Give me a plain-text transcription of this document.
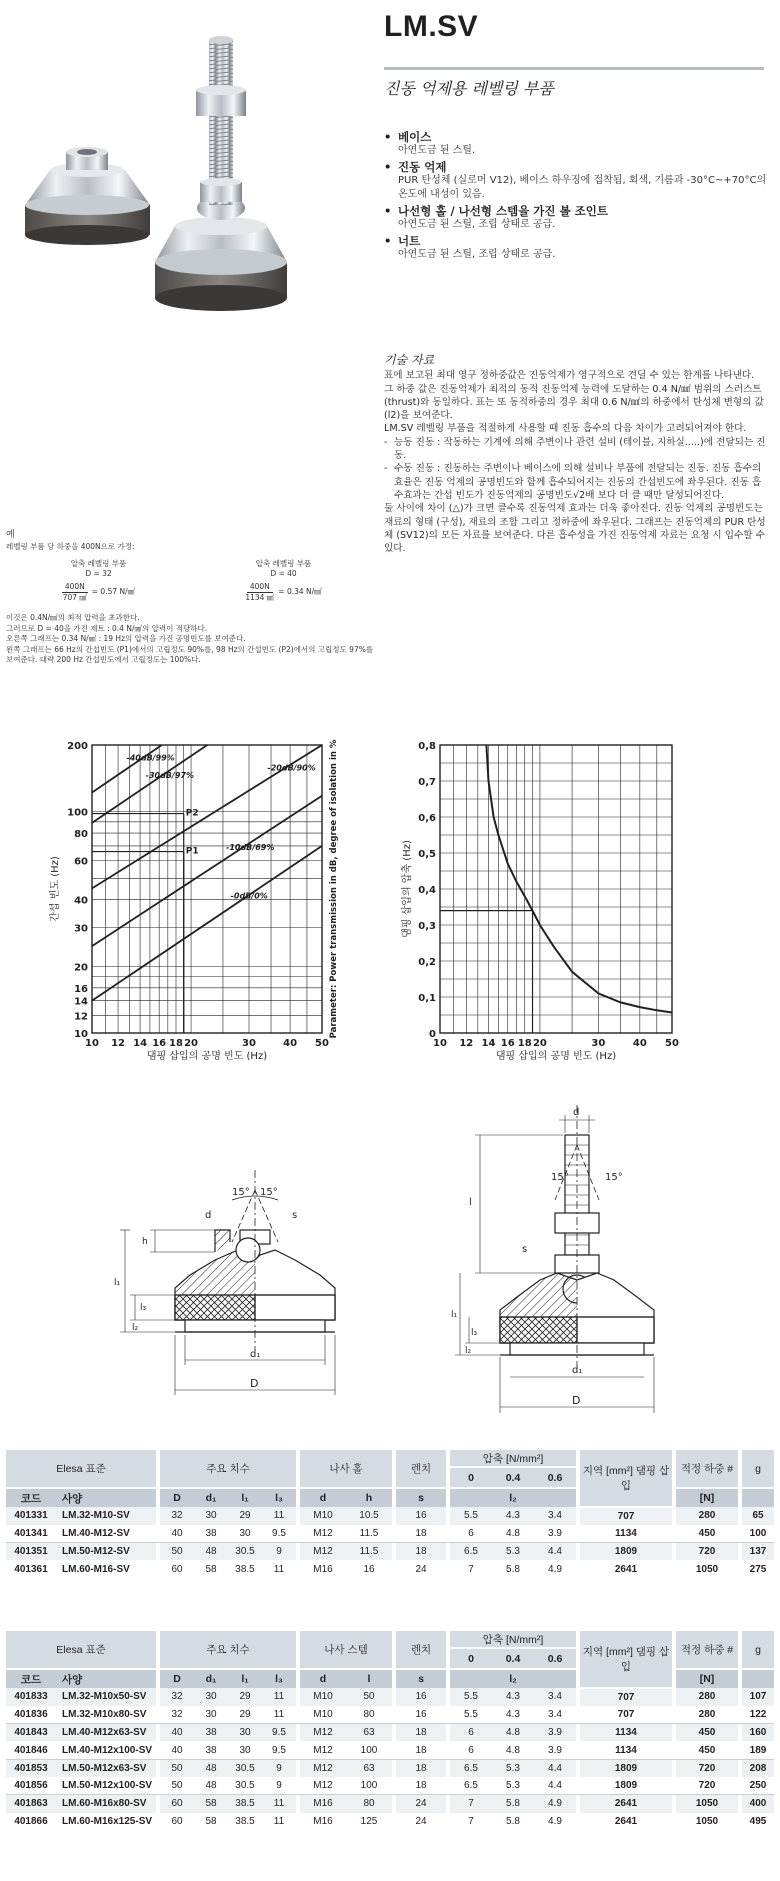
LM.SV
진동 억제용 레벨링 부품
• 베이스
아연도금 된 스틸.
• 진동 억제
PUR 탄성체 (실로머 V12), 베이스 하우징에 접착됨, 회색, 기름과 -30°C~+70°C의 온도에 내성이 있음.
• 나선형 홀 / 나선형 스템을 가진 볼 조인트
아연도금 된 스틸, 조립 상태로 공급.
• 너트
아연도금 된 스틸, 조립 상태로 공급.
기술 자료

표에 보고된 최대 영구 정하중값은 진동억제가 영구적으로 견딜 수 있는 한계를 나타낸다.

그 하중 값은 진동억제가 최적의 동적 진동억제 능력에 도달하는 0.4 N/㎟ 범위의 스러스트 (thrust)와 동일하다. 표는 또 동적하중의 경우 최대 0.6 N/㎟의 하중에서 탄성체 변형의 값 (l2)을 보여준다.

LM.SV 레벨링 부품을 적절하게 사용할 때 진동 흡수의 다음 차이가 고려되어져야 한다.

- 능동 진동 : 작동하는 기계에 의해 주변이나 관련 설비 (테이블, 지하실.....)에 전달되는 진동.
- 수동 진동 : 진동하는 주변이나 베이스에 의해 설비나 부품에 전달되는 진동. 진동 흡수의 효율은 진동 억제의 공명빈도와 함께 흡수되어지는 진동의 간섭빈도에 좌우된다. 진동 흡수효과는 간섭 빈도가 진동억제의 공명빈도√2배 보다 더 클 때만 달성되어진다.

둘 사이에 차이 (△)가 크면 클수록 진동억제 효과는 더욱 좋아진다. 진동 억제의 공명빈도는 재료의 형태 (구성), 재료의 조합 그리고 정하중에 좌우된다. 그래프는 진동억제의 PUR 탄성체 (SV12)의 모든 자료를 보여준다. 다른 흡수성을 가진 진동억제 자료는 요청 시 입수할 수 있다.

예
레벨링 부품 당 하중을 400N으로 가정:
압축 레벨링 부품
D = 32
$\frac{400N}{707 ㎟} = 0.57$ N/㎟
압축 레벨링 부품
D = 40
$\frac{400N}{1134 ㎟} = 0.34$ N/㎟
이것은 0.4N/㎟의 최적 압력을 초과한다.
그러므로 D = 40을 가진 제트 : 0.4 N/㎟의 압력이 적당하다.
오른쪽 그래프는 0.34 N/㎟ : 19 Hz의 압력을 가진 공명빈도를 보여준다.
왼쪽 그래프는 66 Hz의 간섭빈도 (P1)에서의 고립정도 90%를, 98 Hz의 간섭빈도 (P2)에서의 고립정도 97%를 보여준다. 대략 200 Hz 간섭빈도에서 고립정도는 100%다.
200
100
80
60
40
30
20
16
14
12
10
10 12 14 16 18 20	30	40 50
댐핑 삽입의 공명 빈도 (Hz)
간섭 빈도 (Hz)	Parameter: Power transmission in dB, degree of isolation in %
-40dB/99%
-30dB/97%
-20dB/90%
-10dB/69%
-0dB/0%
P1
P2
0,8
0,7
0,6
0,5
0,4
0,3
0,2
0,1
0
10 12 14 16 18 20	30	40 50
댐핑 삽입의 공명 빈도 (Hz)
댐핑 삽입의 압축 (Hz)
15° 15°
d	s
h
l₁
l₃
l₂
d₁
D
d
15°	15°
l
s
l₁
l₃
l₂
d₁
D
Elesa 표준			주요 치수					나사 홀			렌치		압축 [N/mm²]				지역 [mm²] 댐핑 삽입		적정 하중 #		g
													0	0.4	0.6						
코드	사양		D	d₁	l₁	l₃		d	h		s		l₂						[N]		
401331	LM.32-M10-SV		32	30	29	11		M10	10.5		16		5.5	4.3	3.4		707		280		65
401341	LM.40-M12-SV		40	38	30	9.5		M12	11.5		18		6	4.8	3.9		1134		450		100
401351	LM.50-M12-SV		50	48	30.5	9		M12	11.5		18		6.5	5.3	4.4		1809		720		137
401361	LM.60-M16-SV		60	58	38.5	11		M16	16		24		7	5.8	4.9		2641		1050		275
Elesa 표준			주요 치수					나사 스템			렌치		압축 [N/mm²]				지역 [mm²] 댐핑 삽입		적정 하중 #		g
													0	0.4	0.6						
코드	사양		D	d₁	l₁	l₃		d	l		s		l₂						[N]		
401833	LM.32-M10x50-SV		32	30	29	11		M10	50		16		5.5	4.3	3.4		707		280		107
401836	LM.32-M10x80-SV		32	30	29	11		M10	80		16		5.5	4.3	3.4		707		280		122
401843	LM.40-M12x63-SV		40	38	30	9.5		M12	63		18		6	4.8	3.9		1134		450		160
401846	LM.40-M12x100-SV		40	38	30	9.5		M12	100		18		6	4.8	3.9		1134		450		189
401853	LM.50-M12x63-SV		50	48	30.5	9		M12	63		18		6.5	5.3	4.4		1809		720		208
401856	LM.50-M12x100-SV		50	48	30.5	9		M12	100		18		6.5	5.3	4.4		1809		720		250
401863	LM.60-M16x80-SV		60	58	38.5	11		M16	80		24		7	5.8	4.9		2641		1050		400
401866	LM.60-M16x125-SV		60	58	38.5	11		M16	125		24		7	5.8	4.9		2641		1050		495
